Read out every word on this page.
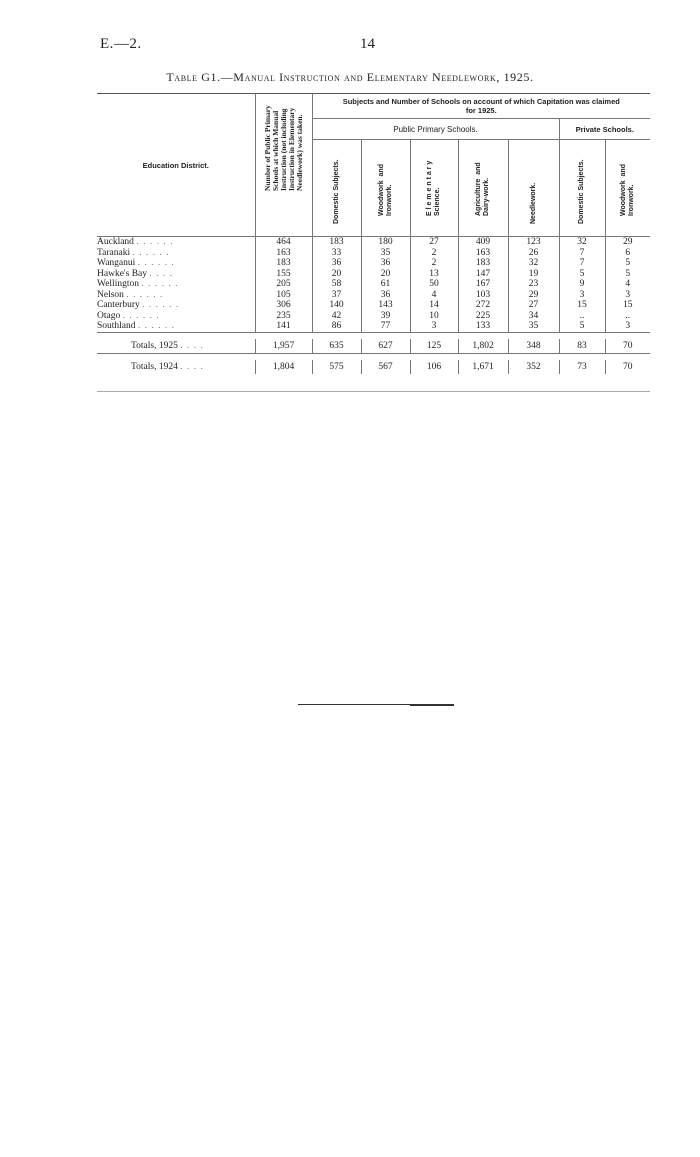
E.—2.	14
Table G1.—Manual Instruction and Elementary Needlework, 1925.
Education District.	Number of Public Primary
Schools at which Manual
Instruction (not including
Instruction in Elementary
Needlework) was taken.	Subjects and Number of Schools on account of which Capitation was claimed
for 1925.						
		Public Primary Schools.					Private Schools.	

		Domestic Subjects.	Woodwork  and
Ironwork.	E l e m e n t a r y
Science.	Agriculture  and
Dairy-work.	Needlework.	Domestic Subjects.	Woodwork  and
Ironwork.

Auckland . . . . . .	464	183	180	27	409	123	32	29
Taranaki . . . . . .	163	33	35	2	163	26	7	6
Wanganui . . . . . .	183	36	36	2	183	32	7	5
Hawke's Bay . . . .	155	20	20	13	147	19	5	5
Wellington . . . . . .	205	58	61	50	167	23	9	4
Nelson . . . . . .	105	37	36	4	103	29	3	3
Canterbury . . . . . .	306	140	143	14	272	27	15	15
Otago . . . . . .	235	42	39	10	225	34	..	..
Southland . . . . . .	141	86	77	3	133	35	5	3

Totals, 1925 . . . .	1,957	635	627	125	1,802	348	83	70

Totals, 1924 . . . .	1,804	575	567	106	1,671	352	73	70
